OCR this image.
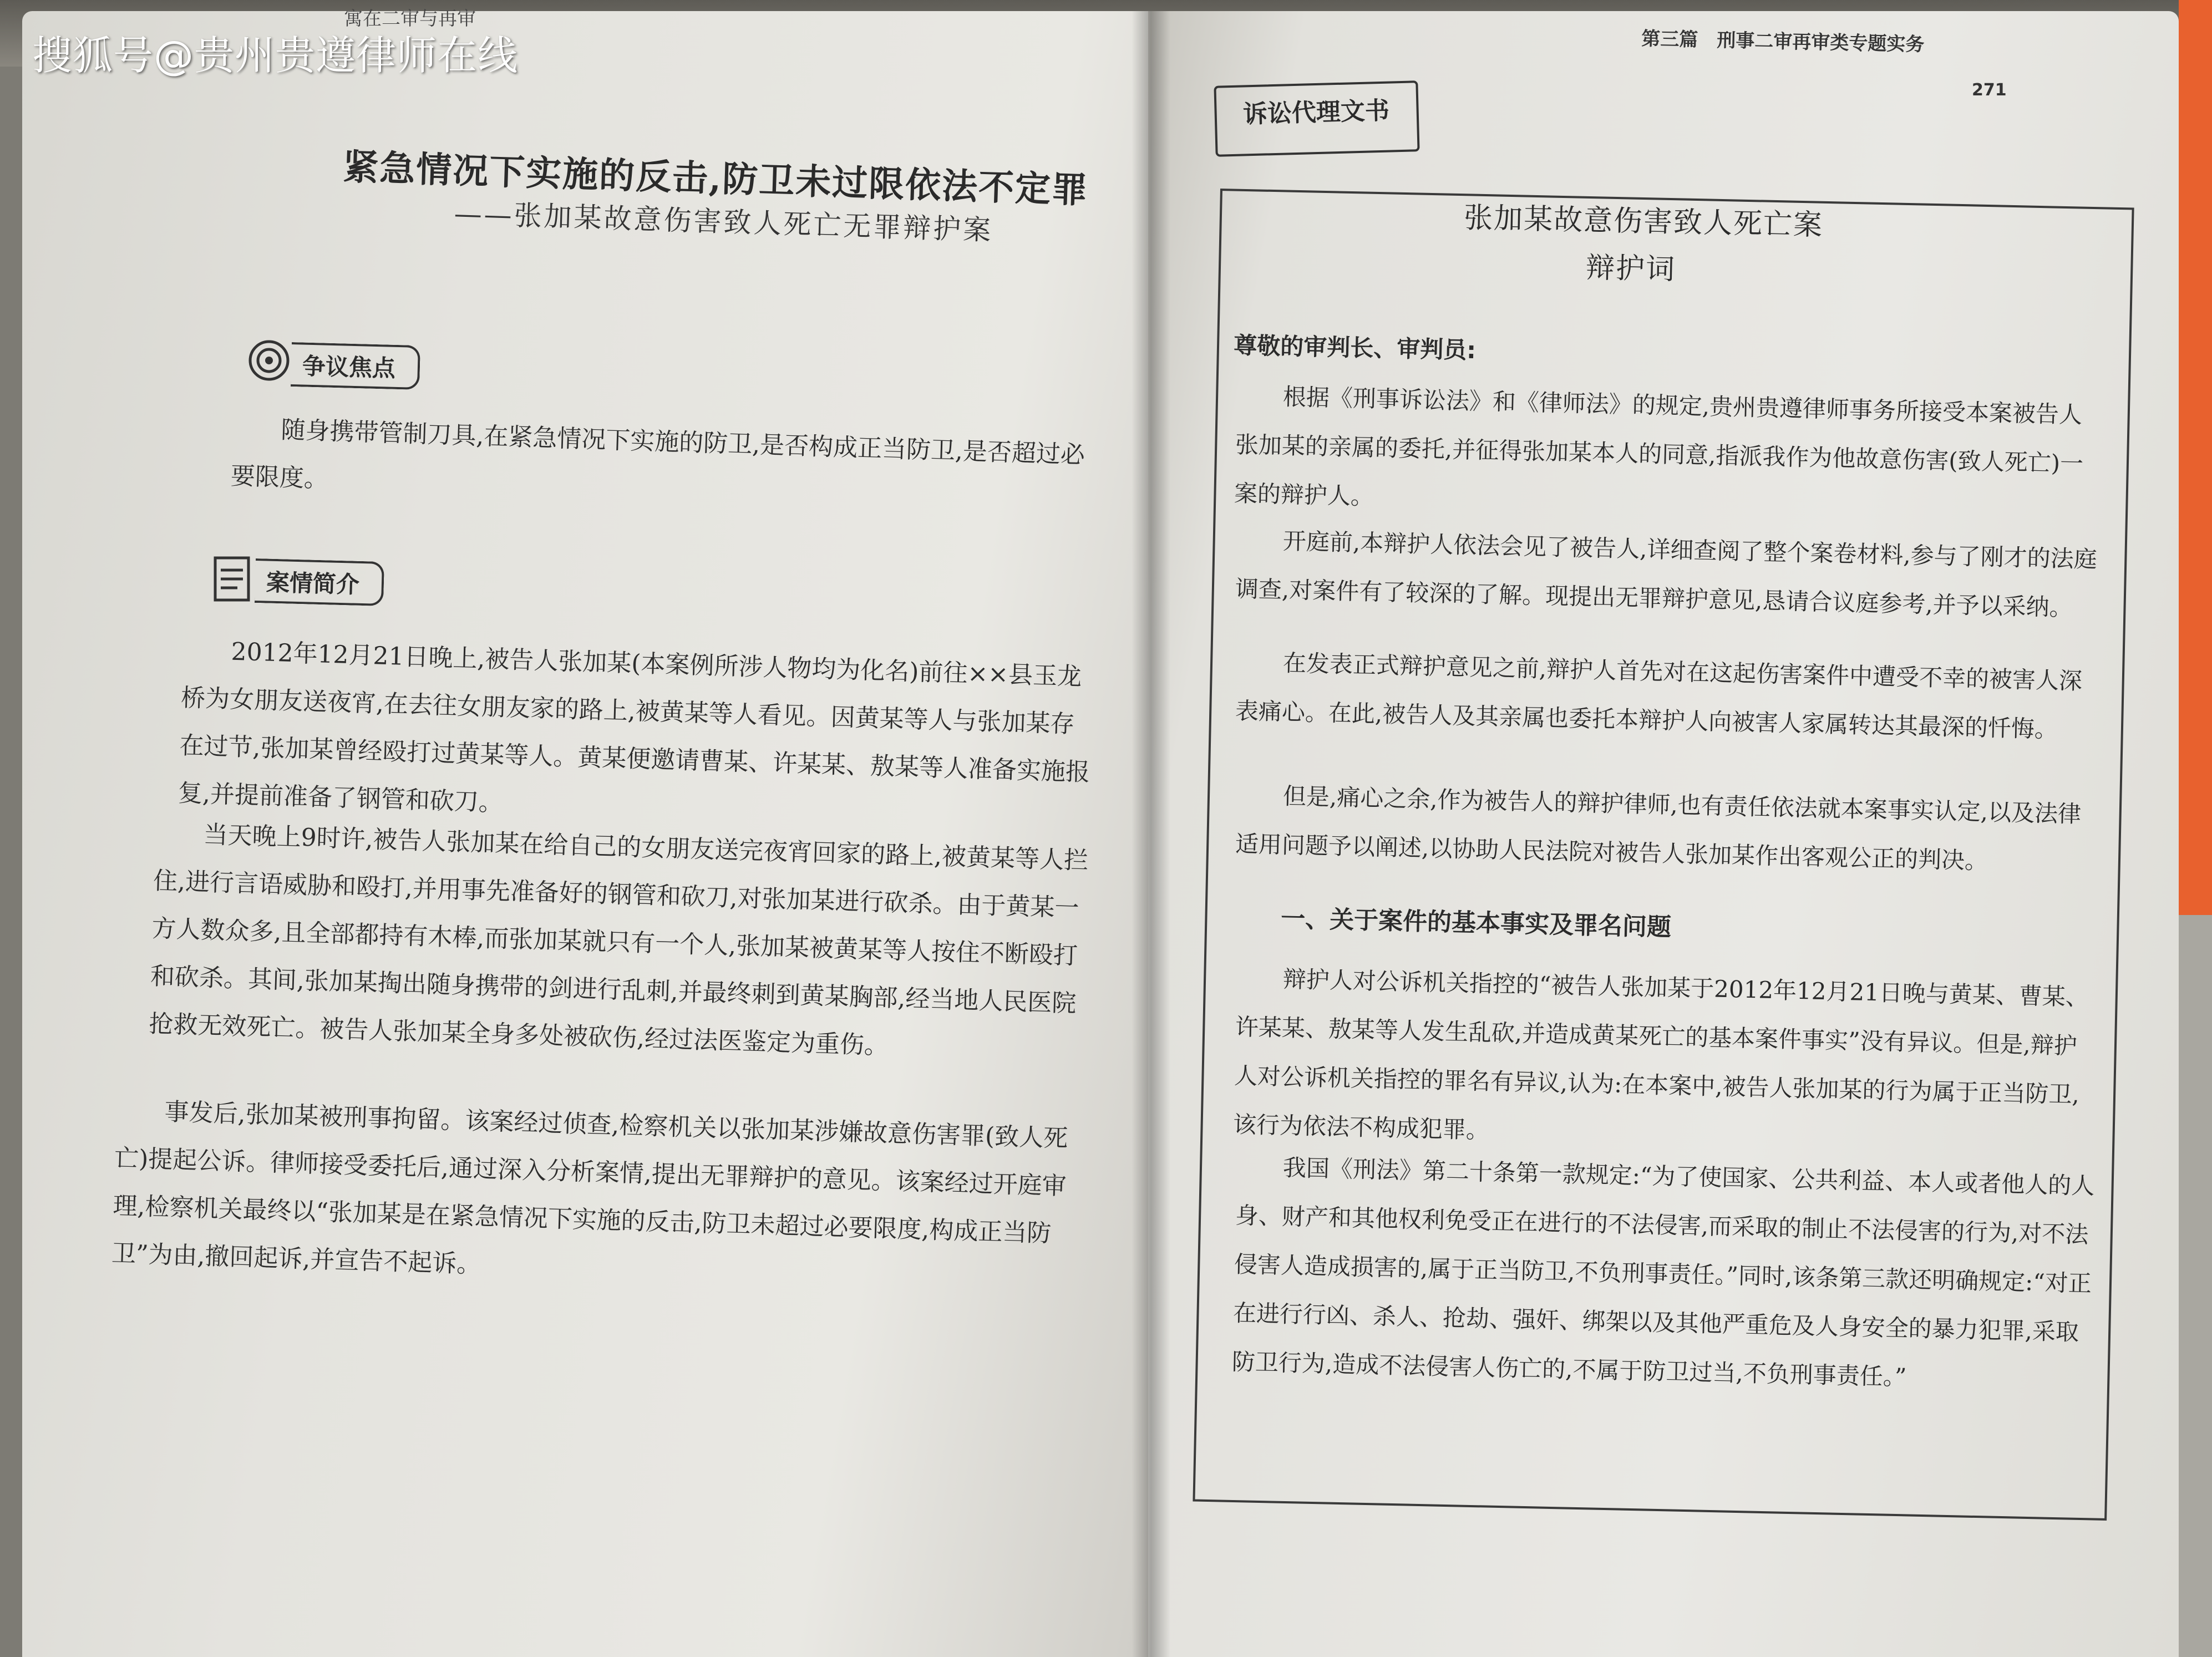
寓在二审与再审
紧急情况下实施的反击,防卫未过限依法不定罪
——张加某故意伤害致人死亡无罪辩护案
争议焦点
随身携带管制刀具,在紧急情况下实施的防卫,是否构成正当防卫,是否超过必要限度。
案情简介
2012年12月21日晚上,被告人张加某(本案例所涉人物均为化名)前往××县玉龙桥为女朋友送夜宵,在去往女朋友家的路上,被黄某等人看见。因黄某等人与张加某存在过节,张加某曾经殴打过黄某等人。黄某便邀请曹某、许某某、敖某等人准备实施报复,并提前准备了钢管和砍刀。
当天晚上9时许,被告人张加某在给自己的女朋友送完夜宵回家的路上,被黄某等人拦住,进行言语威胁和殴打,并用事先准备好的钢管和砍刀,对张加某进行砍杀。由于黄某一方人数众多,且全部都持有木棒,而张加某就只有一个人,张加某被黄某等人按住不断殴打和砍杀。其间,张加某掏出随身携带的剑进行乱刺,并最终刺到黄某胸部,经当地人民医院抢救无效死亡。被告人张加某全身多处被砍伤,经过法医鉴定为重伤。
事发后,张加某被刑事拘留。该案经过侦查,检察机关以张加某涉嫌故意伤害罪(致人死亡)提起公诉。律师接受委托后,通过深入分析案情,提出无罪辩护的意见。该案经过开庭审理,检察机关最终以“张加某是在紧急情况下实施的反击,防卫未超过必要限度,构成正当防卫”为由,撤回起诉,并宣告不起诉。
第三篇　刑事二审再审类专题实务
271
诉讼代理文书
张加某故意伤害致人死亡案
辩护词
尊敬的审判长、审判员:
根据《刑事诉讼法》和《律师法》的规定,贵州贵遵律师事务所接受本案被告人张加某的亲属的委托,并征得张加某本人的同意,指派我作为他故意伤害(致人死亡)一案的辩护人。
开庭前,本辩护人依法会见了被告人,详细查阅了整个案卷材料,参与了刚才的法庭调查,对案件有了较深的了解。现提出无罪辩护意见,恳请合议庭参考,并予以采纳。
在发表正式辩护意见之前,辩护人首先对在这起伤害案件中遭受不幸的被害人深表痛心。在此,被告人及其亲属也委托本辩护人向被害人家属转达其最深的忏悔。
但是,痛心之余,作为被告人的辩护律师,也有责任依法就本案事实认定,以及法律适用问题予以阐述,以协助人民法院对被告人张加某作出客观公正的判决。
一、关于案件的基本事实及罪名问题
辩护人对公诉机关指控的“被告人张加某于2012年12月21日晚与黄某、曹某、许某某、敖某等人发生乱砍,并造成黄某死亡的基本案件事实”没有异议。但是,辩护人对公诉机关指控的罪名有异议,认为:在本案中,被告人张加某的行为属于正当防卫,该行为依法不构成犯罪。
我国《刑法》第二十条第一款规定:“为了使国家、公共利益、本人或者他人的人身、财产和其他权利免受正在进行的不法侵害,而采取的制止不法侵害的行为,对不法侵害人造成损害的,属于正当防卫,不负刑事责任。”同时,该条第三款还明确规定:“对正在进行行凶、杀人、抢劫、强奸、绑架以及其他严重危及人身安全的暴力犯罪,采取防卫行为,造成不法侵害人伤亡的,不属于防卫过当,不负刑事责任。”
搜狐号@贵州贵遵律师在线
